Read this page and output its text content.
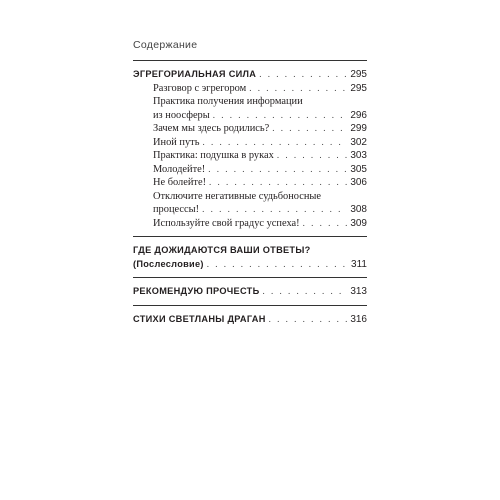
Содержание
ЭГРЕГОРИАЛЬНАЯ СИЛА . . .	295
Разговор с эгрегором . . .	295
Практика получения информации
из ноосферы . . .	296
Зачем мы здесь родились? . . .	299
Иной путь . . .	302
Практика: подушка в руках . . .	303
Молодейте! . . .	305
Не болейте! . . .	306
Отключите негативные судьбоносные
процессы! . . .	308
Используйте свой градус успеха! . . .	309
ГДЕ ДОЖИДАЮТСЯ ВАШИ ОТВЕТЫ?
(Послесловие) . . .	311
РЕКОМЕНДУЮ ПРОЧЕСТЬ . . .	313
СТИХИ СВЕТЛАНЫ ДРАГАН . . .	316
